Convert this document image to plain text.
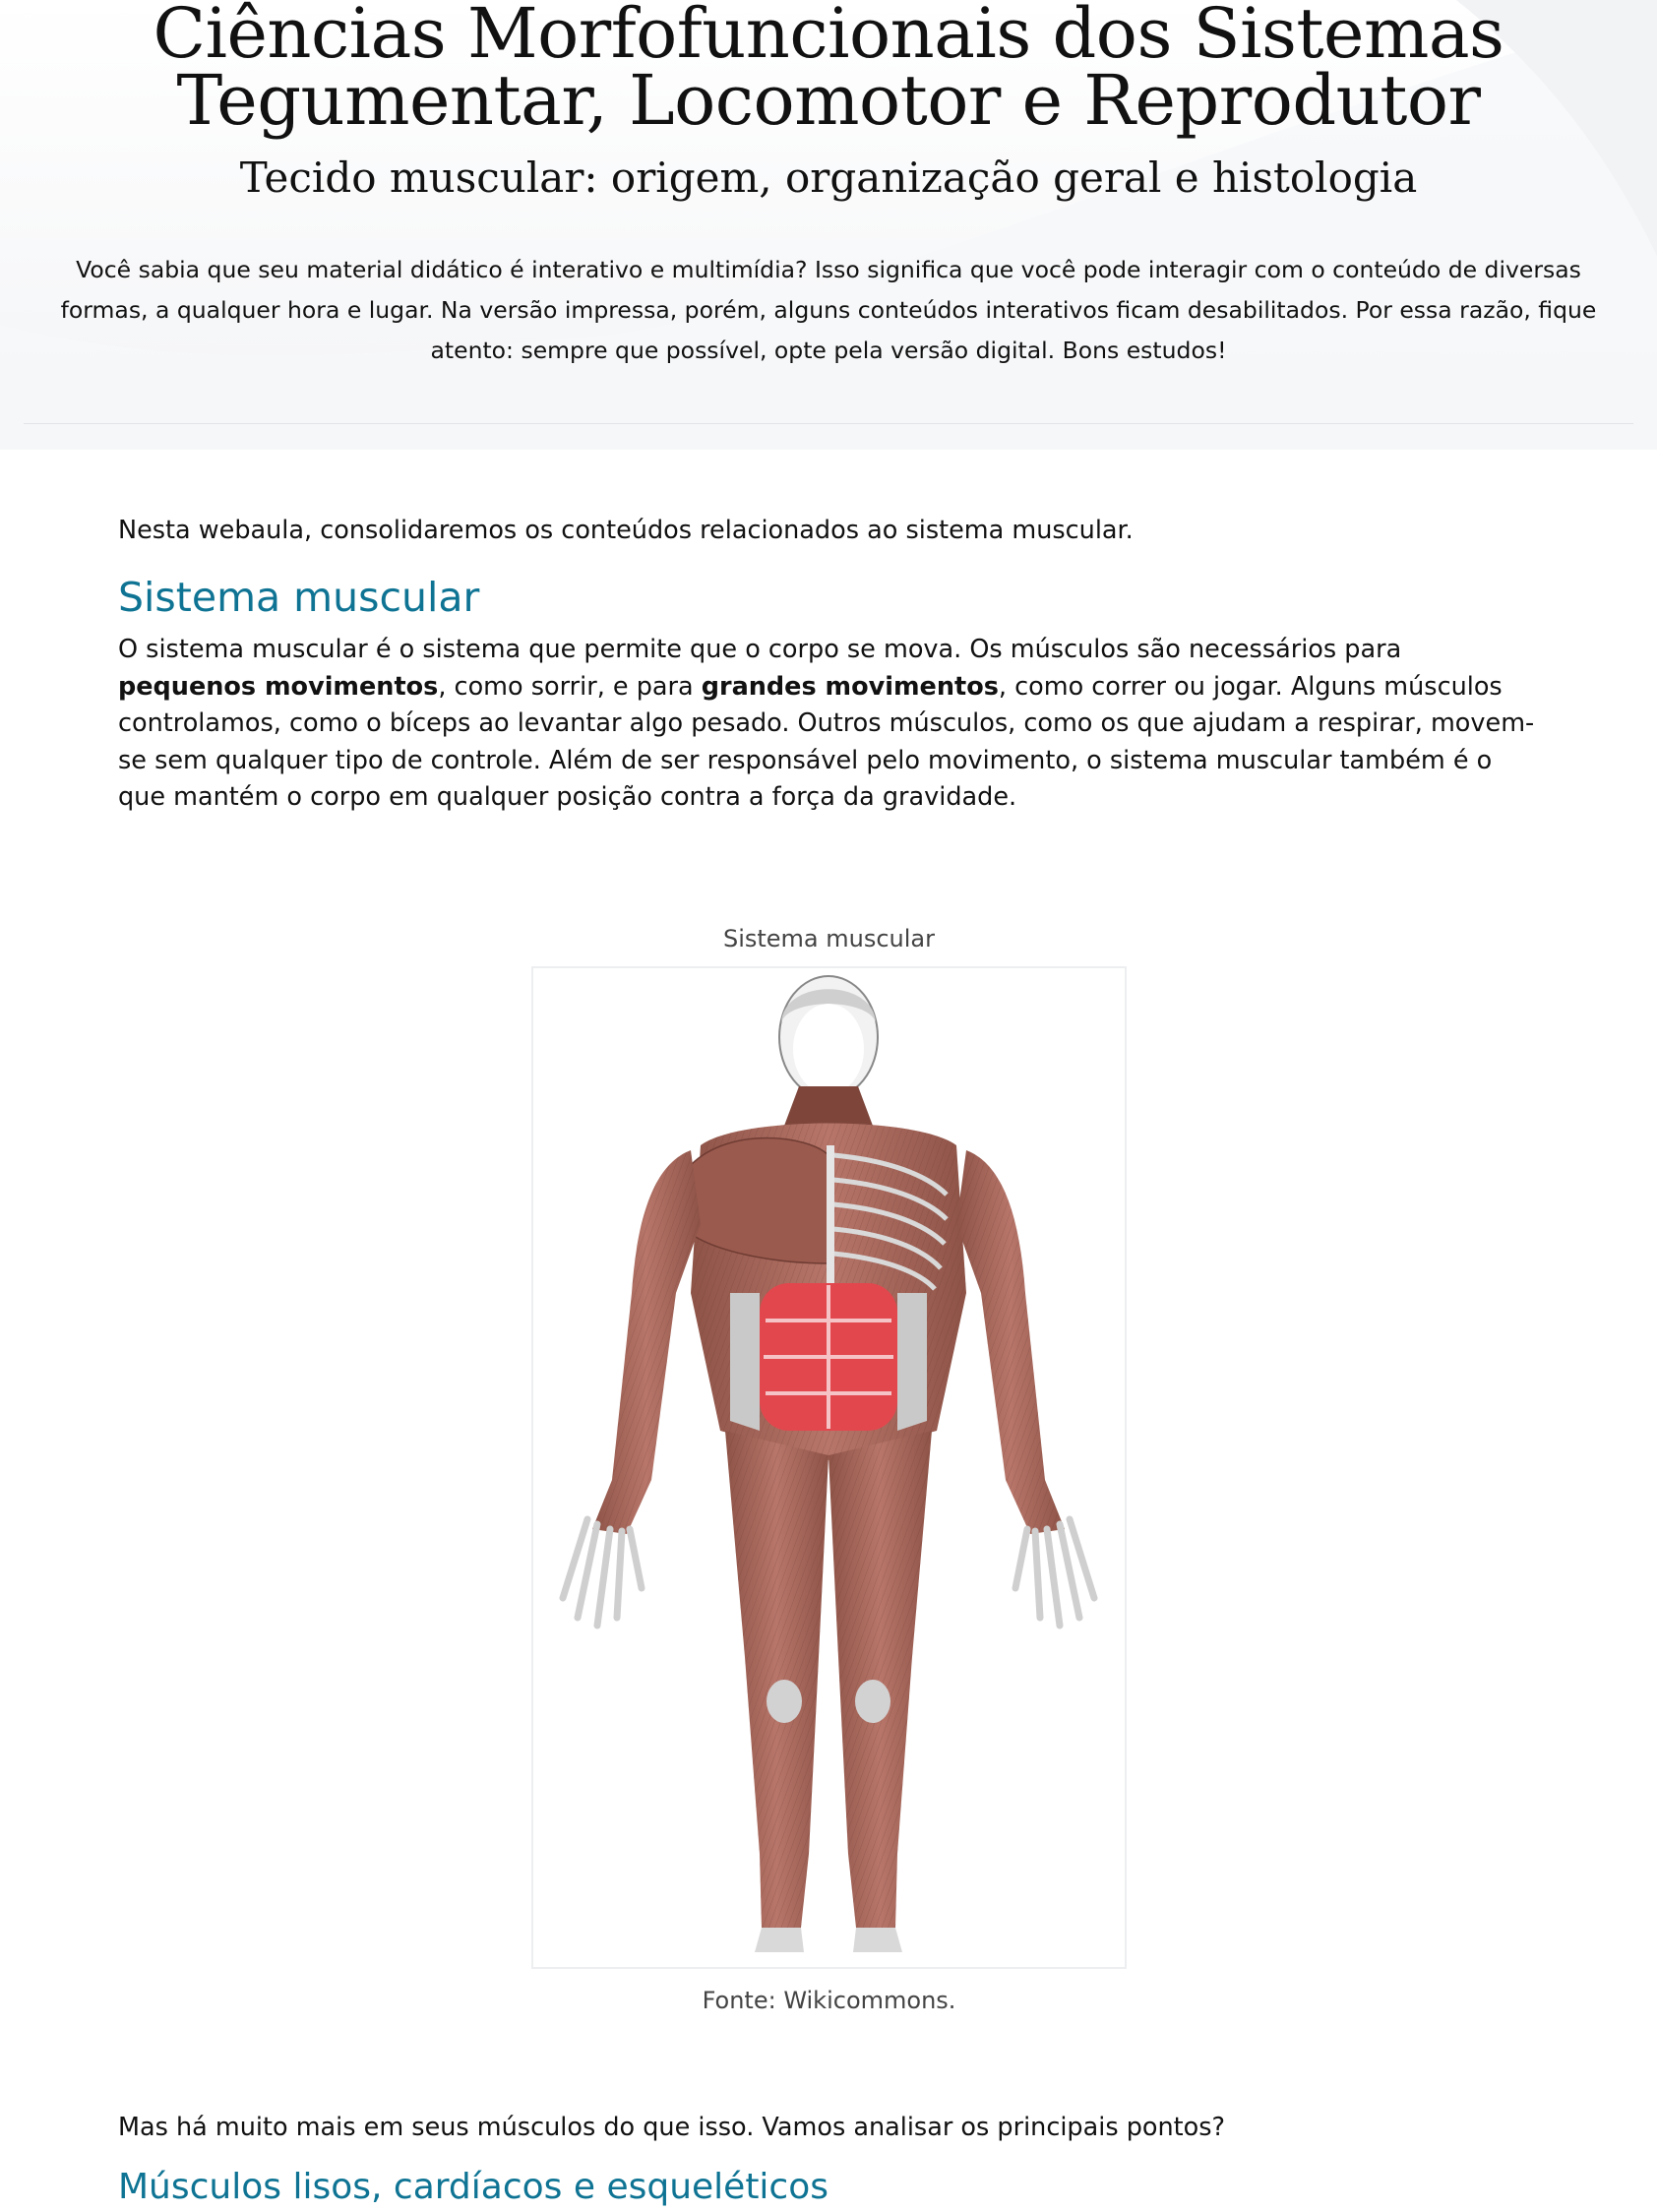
Ciências Morfofuncionais dos Sistemas Tegumentar, Locomotor e Reprodutor
Tecido muscular: origem, organização geral e histologia

Você sabia que seu material didático é interativo e multimídia? Isso significa que você pode interagir com o conteúdo de diversas formas, a qualquer hora e lugar. Na versão impressa, porém, alguns conteúdos interativos ficam desabilitados. Por essa razão, fique atento: sempre que possível, opte pela versão digital. Bons estudos!

Nesta webaula, consolidaremos os conteúdos relacionados ao sistema muscular.

Sistema muscular

O sistema muscular é o sistema que permite que o corpo se mova. Os músculos são necessários para pequenos movimentos, como sorrir, e para grandes movimentos, como correr ou jogar. Alguns músculos controlamos, como o bíceps ao levantar algo pesado. Outros músculos, como os que ajudam a respirar, movem-se sem qualquer tipo de controle. Além de ser responsável pelo movimento, o sistema muscular também é o que mantém o corpo em qualquer posição contra a força da gravidade.

Sistema muscular

Fonte: Wikicommons.

Mas há muito mais em seus músculos do que isso. Vamos analisar os principais pontos?

Músculos lisos, cardíacos e esqueléticos
